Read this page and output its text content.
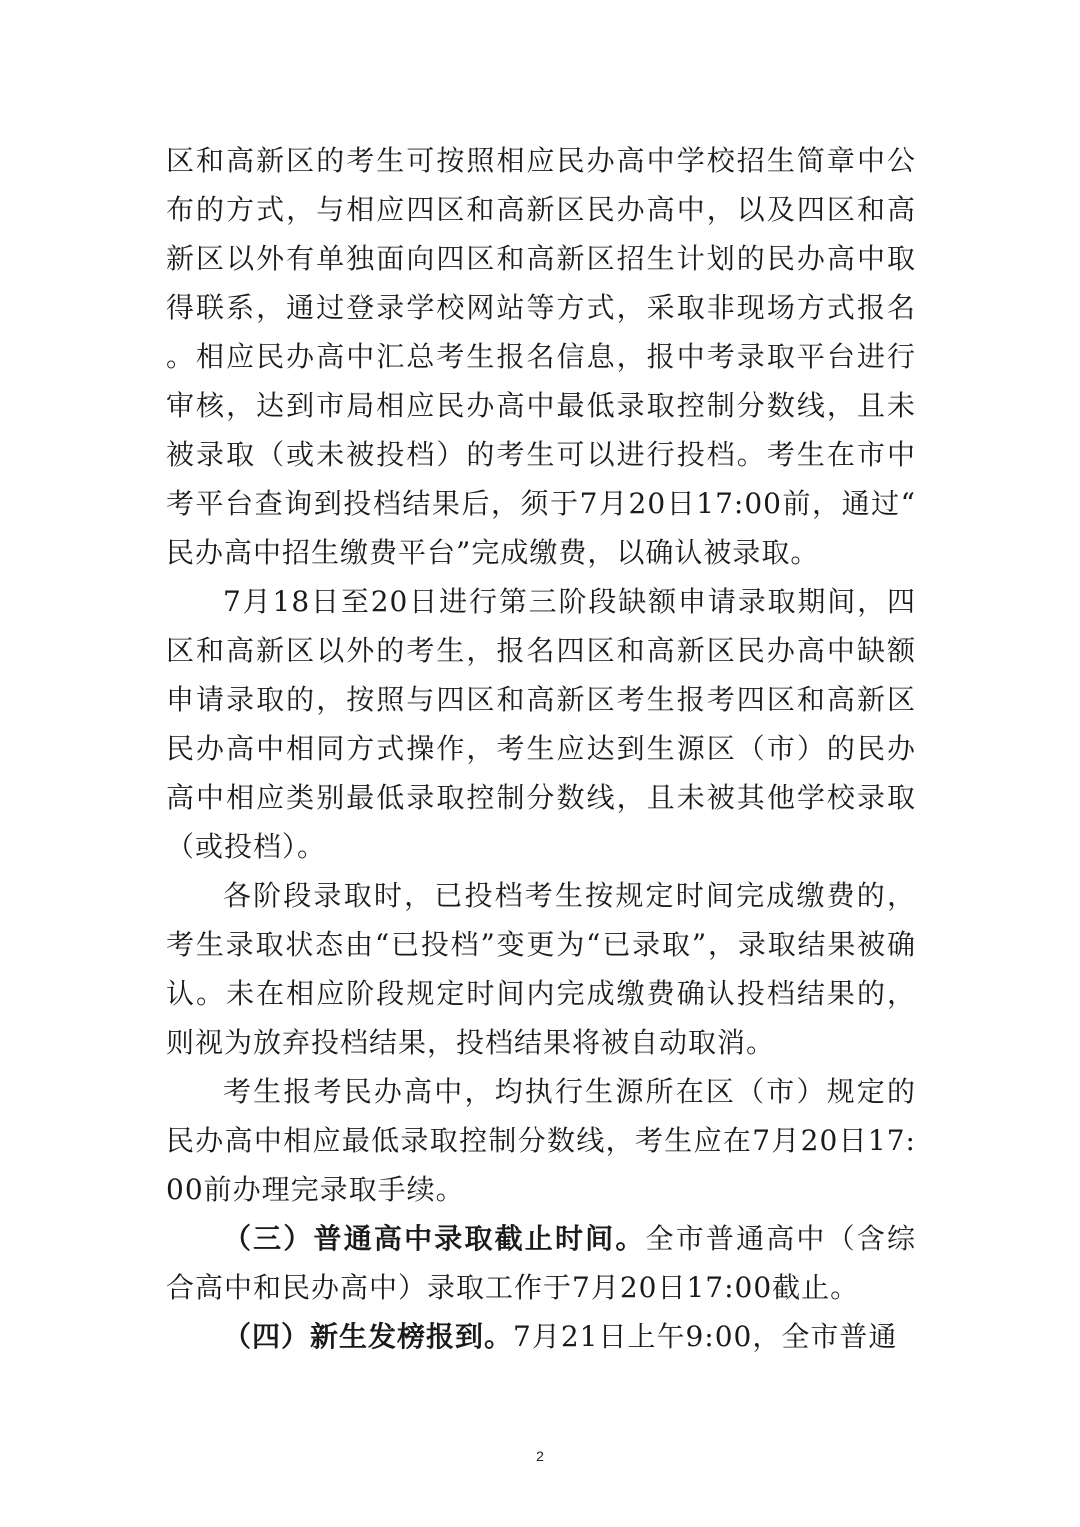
区和高新区的考生可按照相应民办高中学校招生简章中公布的方式，与相应四区和高新区民办高中，以及四区和高新区以外有单独面向四区和高新区招生计划的民办高中取得联系，通过登录学校网站等方式，采取非现场方式报名。相应民办高中汇总考生报名信息，报中考录取平台进行审核，达到市局相应民办高中最低录取控制分数线，且未被录取（或未被投档）的考生可以进行投档。考生在市中考平台查询到投档结果后，须于7月20日17:00前，通过“民办高中招生缴费平台”完成缴费，以确认被录取。

7月18日至20日进行第三阶段缺额申请录取期间，四区和高新区以外的考生，报名四区和高新区民办高中缺额申请录取的，按照与四区和高新区考生报考四区和高新区民办高中相同方式操作，考生应达到生源区（市）的民办高中相应类别最低录取控制分数线，且未被其他学校录取（或投档）。

各阶段录取时，已投档考生按规定时间完成缴费的，考生录取状态由“已投档”变更为“已录取”，录取结果被确认。未在相应阶段规定时间内完成缴费确认投档结果的，则视为放弃投档结果，投档结果将被自动取消。

考生报考民办高中，均执行生源所在区（市）规定的民办高中相应最低录取控制分数线，考生应在7月20日17:00前办理完录取手续。

（三）普通高中录取截止时间。全市普通高中（含综合高中和民办高中）录取工作于7月20日17:00截止。

（四）新生发榜报到。7月21日上午9:00，全市普通

2
